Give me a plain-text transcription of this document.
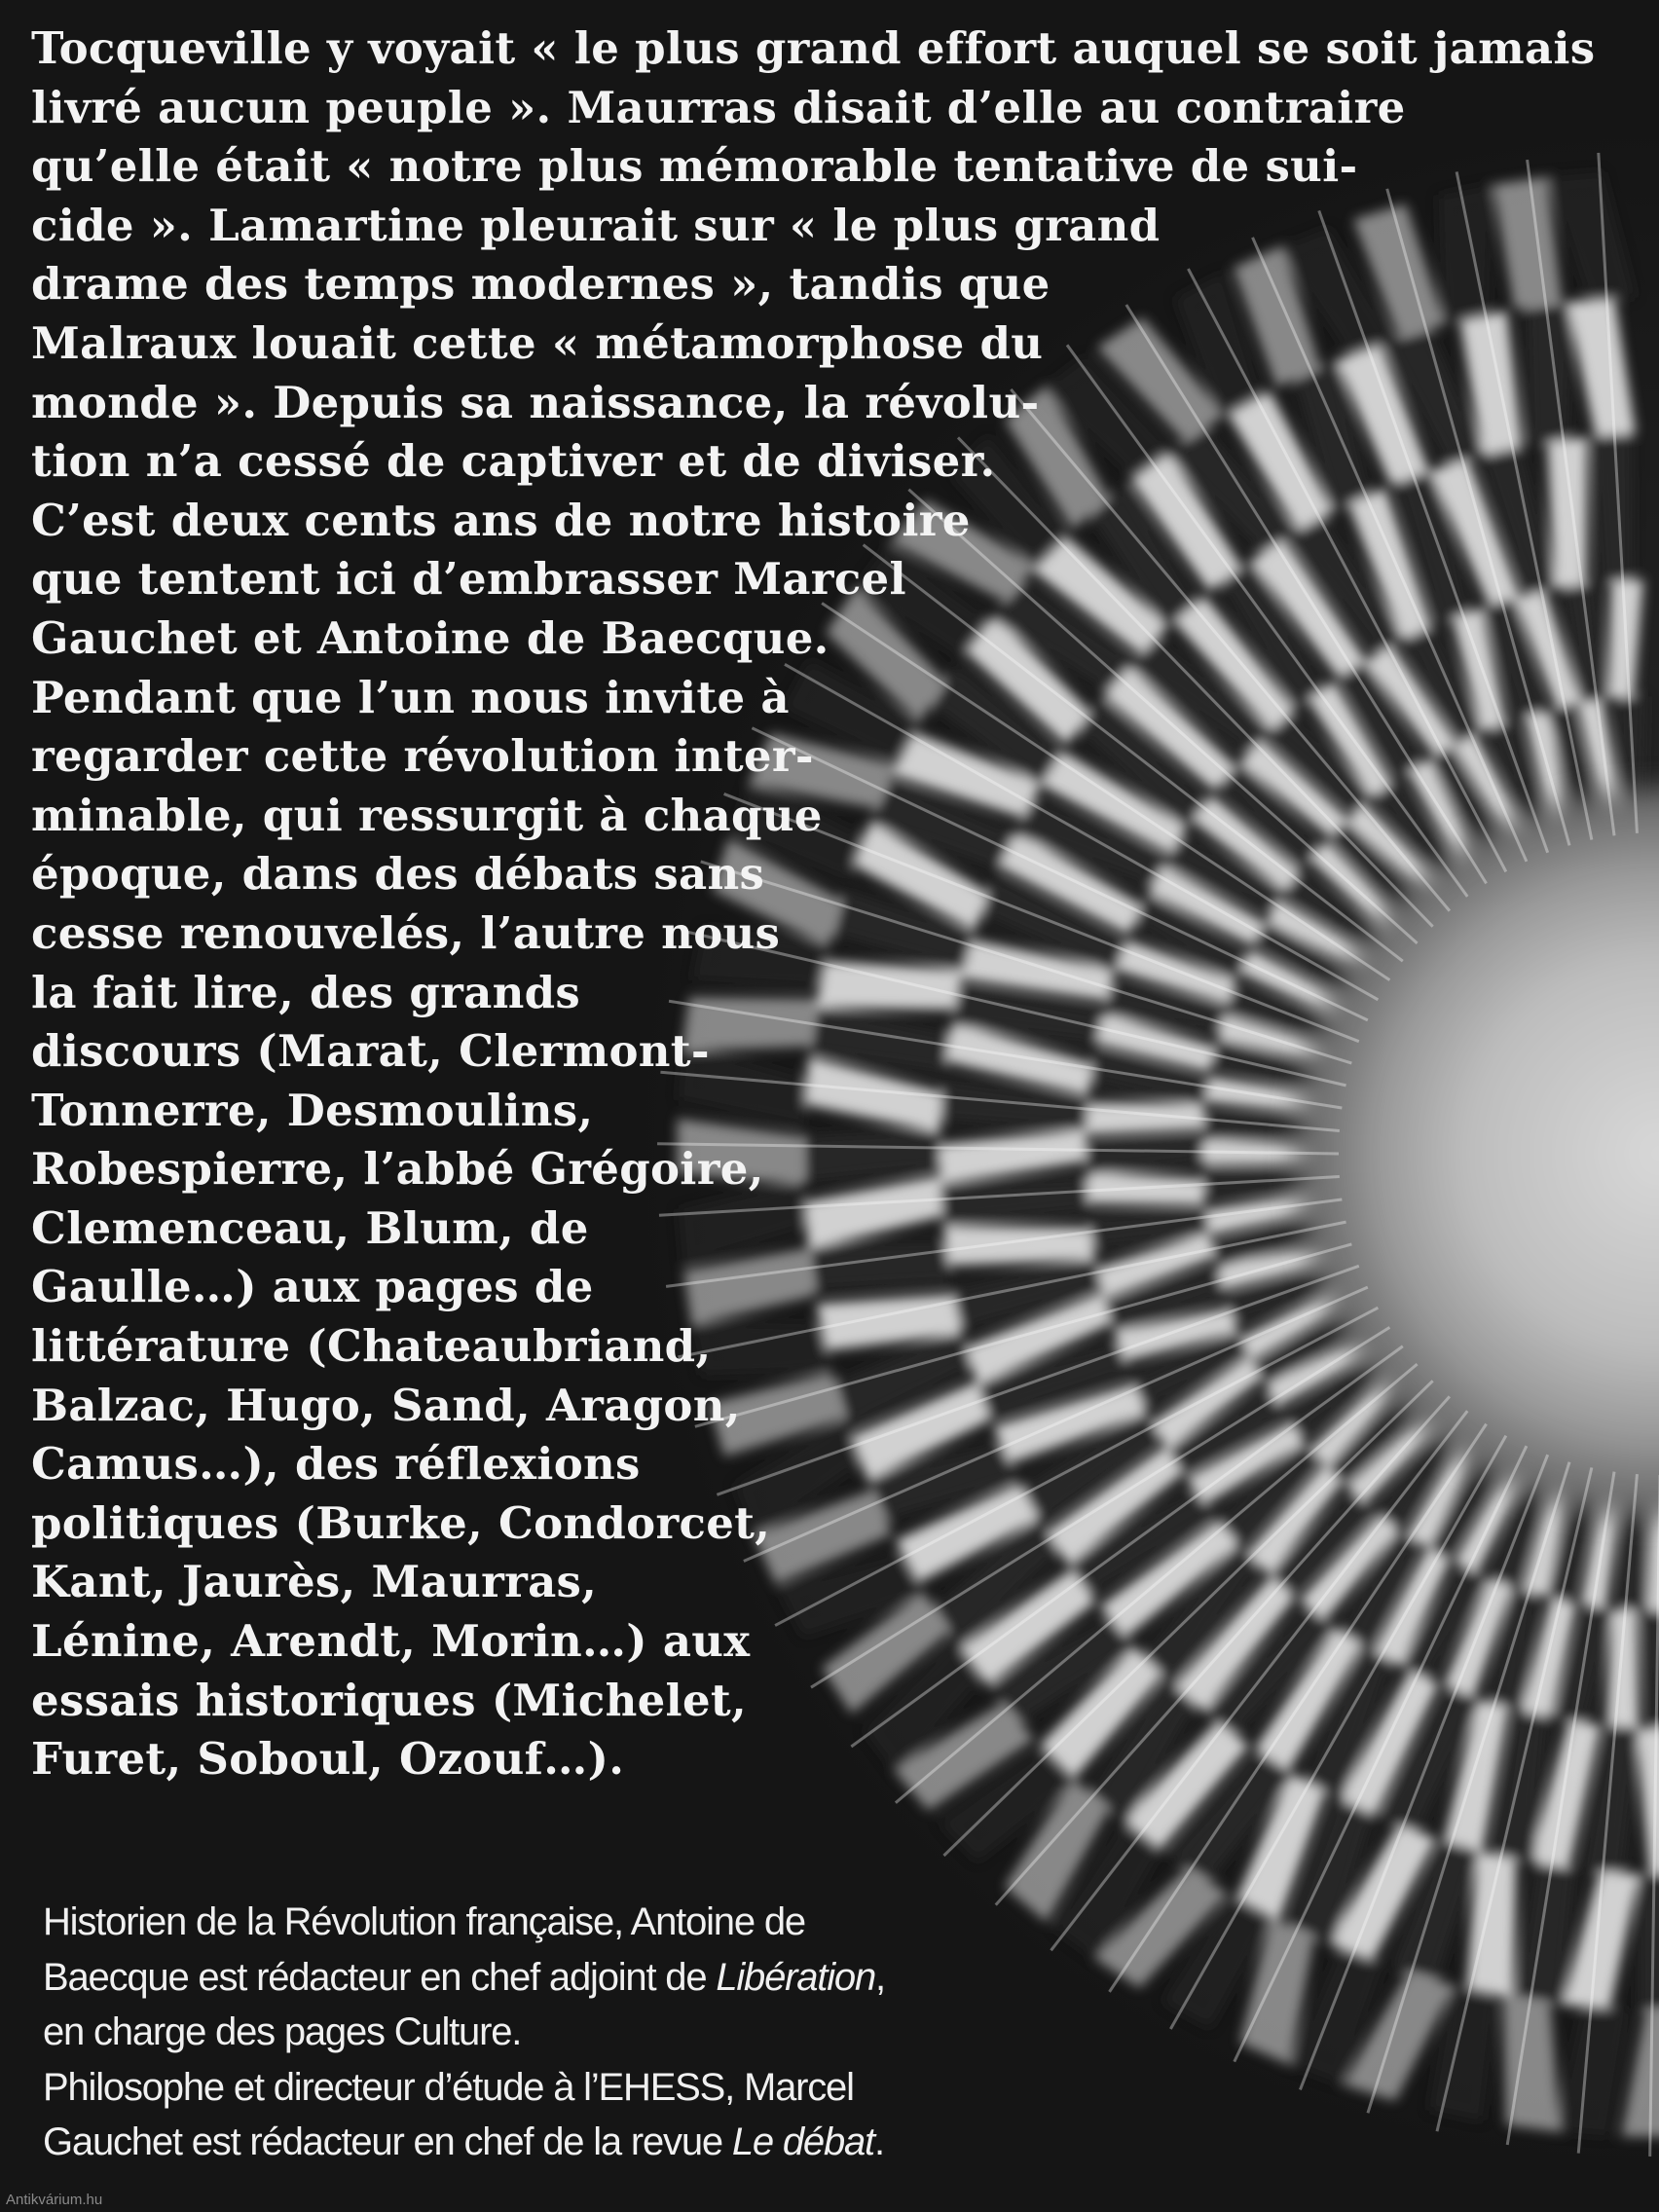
Tocqueville y voyait « le plus grand effort auquel se soit jamais
livré aucun peuple ». Maurras disait d’elle au contraire
qu’elle était « notre plus mémorable tentative de sui-
cide ». Lamartine pleurait sur « le plus grand
drame des temps modernes », tandis que
Malraux louait cette « métamorphose du
monde ». Depuis sa naissance, la révolu-
tion n’a cessé de captiver et de diviser.
C’est deux cents ans de notre histoire
que tentent ici d’embrasser Marcel
Gauchet et Antoine de Baecque.
Pendant que l’un nous invite à
regarder cette révolution inter-
minable, qui ressurgit à chaque
époque, dans des débats sans
cesse renouvelés, l’autre nous
la fait lire, des grands
discours (Marat, Clermont-
Tonnerre, Desmoulins,
Robespierre, l’abbé Grégoire,
Clemenceau, Blum, de
Gaulle…) aux pages de
littérature (Chateaubriand,
Balzac, Hugo, Sand, Aragon,
Camus…), des réflexions
politiques (Burke, Condorcet,
Kant, Jaurès, Maurras,
Lénine, Arendt, Morin…) aux
essais historiques (Michelet,
Furet, Soboul, Ozouf…).
Historien de la Révolution française, Antoine de
Baecque est rédacteur en chef adjoint de Libération,
en charge des pages Culture.
Philosophe et directeur d’étude à l’EHESS, Marcel
Gauchet est rédacteur en chef de la revue Le débat.
Antikvárium.hu
